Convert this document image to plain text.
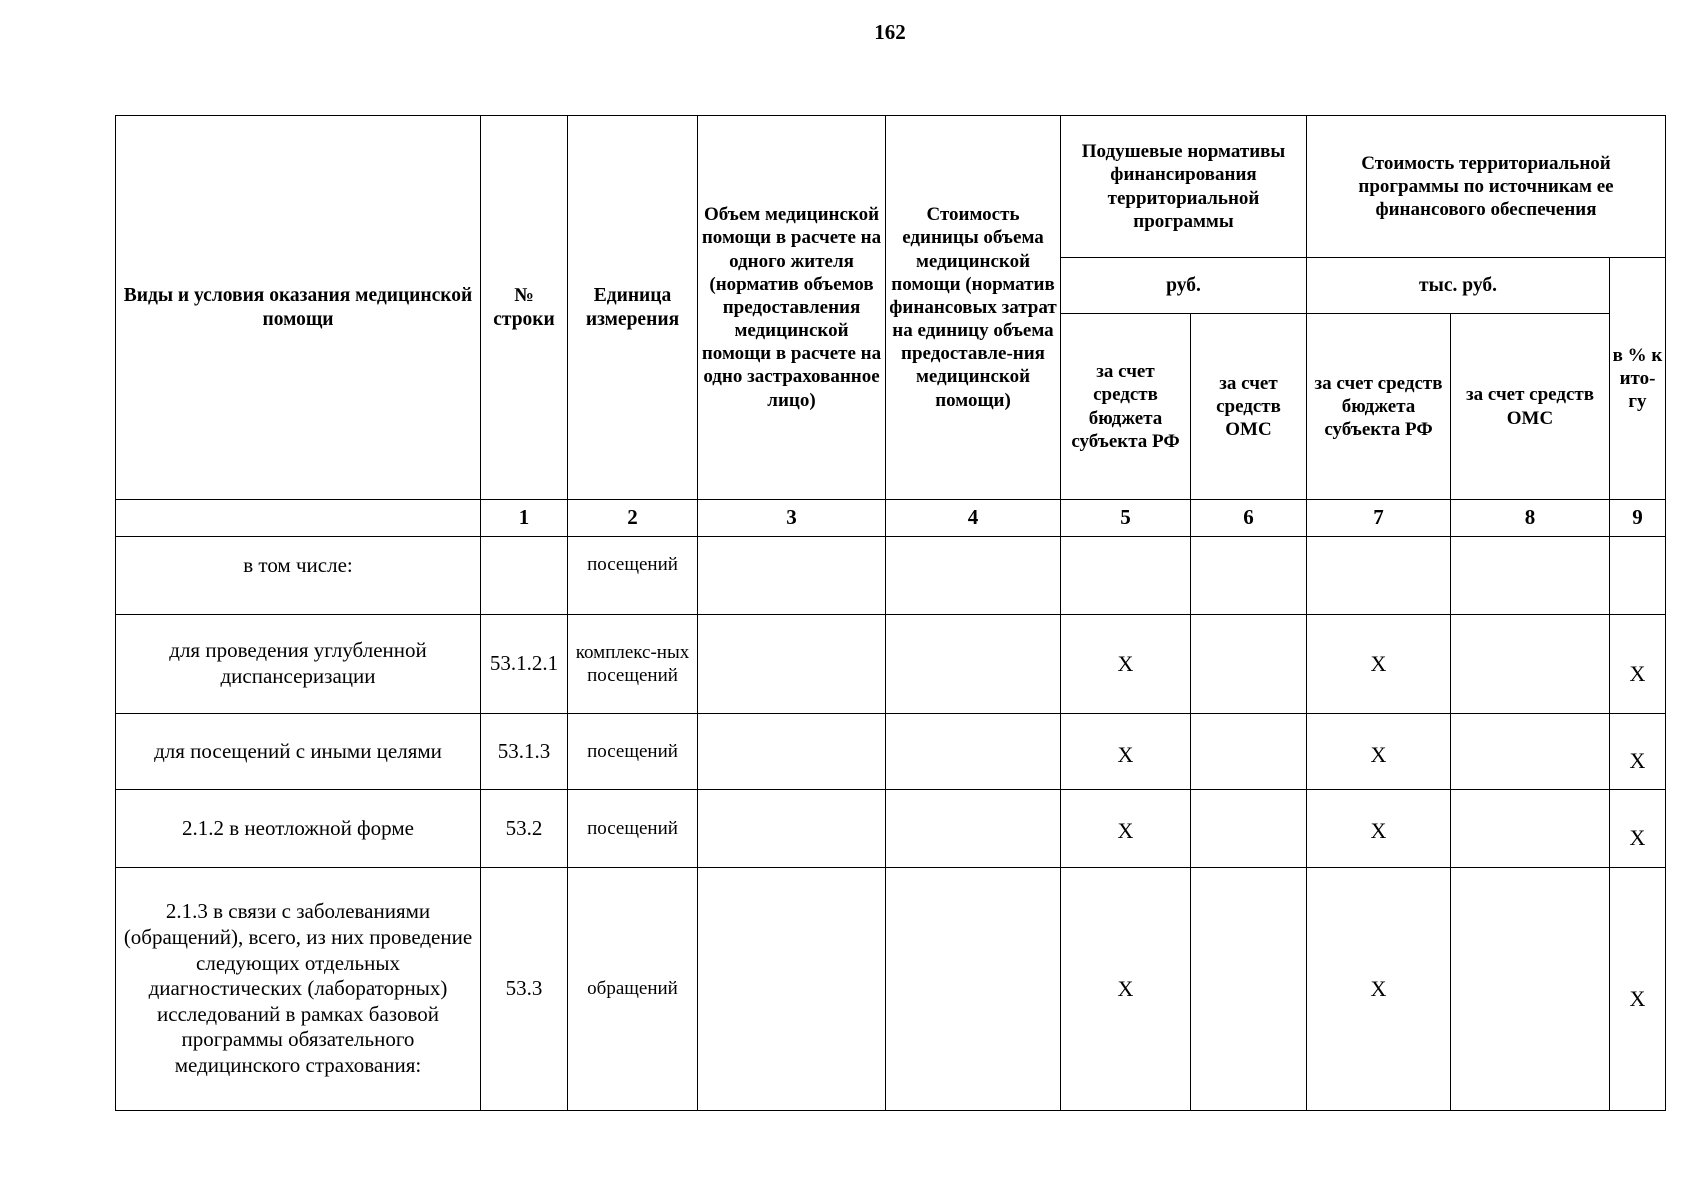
162
Виды и условия оказания медицинской помощи	№ строки	Единица измерения	Объем медицинской помощи в расчете на одного жителя (норматив объемов предоставления медицинской помощи в расчете на одно застрахованное лицо)	Стоимость единицы объема медицинской помощи (норматив финансовых затрат на единицу объема предоставле-ния медицинской помощи)	Подушевые нормативы финансирования территориальной программы		Стоимость территориальной программы по источникам ее финансового обеспечения		
					руб.		тыс. руб.		в % к ито-гу
					за счет средств бюджета субъекта РФ	за счет средств ОМС	за счет средств бюджета субъекта РФ	за счет средств ОМС	
	1	2	3	4	5	6	7	8	9
в том числе:		посещений							
для проведения углубленной диспансеризации	53.1.2.1	комплекс-ных посещений			X		X		X
для посещений с иными целями	53.1.3	посещений			X		X		X
2.1.2 в неотложной форме	53.2	посещений			X		X		X
2.1.3 в связи с заболеваниями (обращений), всего, из них проведение следующих отдельных диагностических (лабораторных) исследований в рамках базовой программы обязательного медицинского страхования:	53.3	обращений			X		X		X
